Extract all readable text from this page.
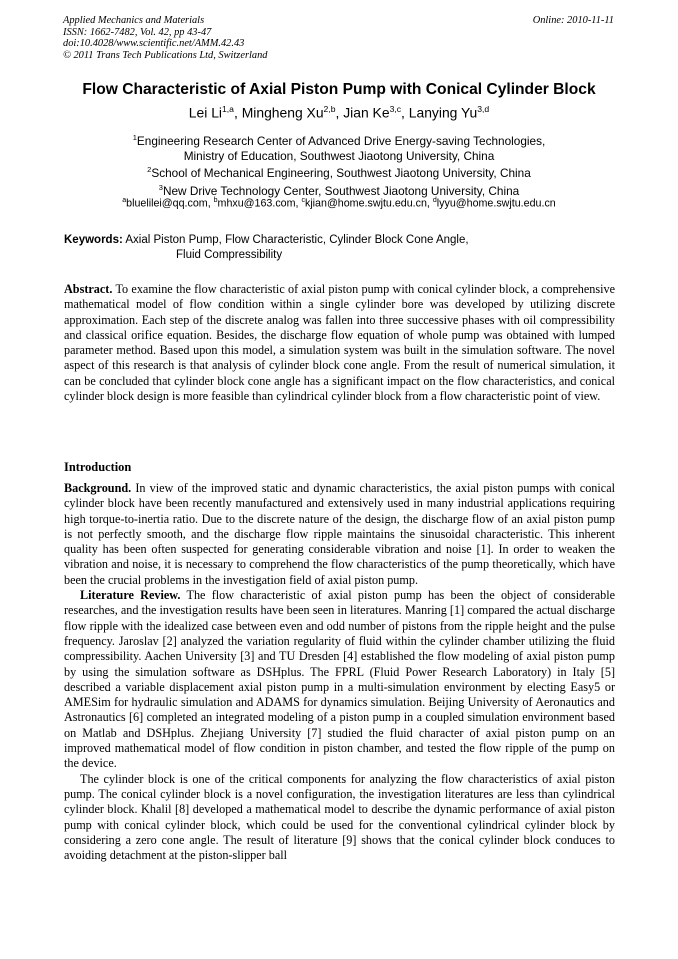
Applied Mechanics and Materials
ISSN: 1662-7482, Vol. 42, pp 43-47
doi:10.4028/www.scientific.net/AMM.42.43
© 2011 Trans Tech Publications Ltd, Switzerland
Online: 2010-11-11
Flow Characteristic of Axial Piston Pump with Conical Cylinder Block
Lei Li$^{1,a}$, Mingheng Xu$^{2,b}$, Jian Ke$^{3,c}$, Lanying Yu$^{3,d}$
$^1$Engineering Research Center of Advanced Drive Energy-saving Technologies,
Ministry of Education, Southwest Jiaotong University, China
$^2$School of Mechanical Engineering, Southwest Jiaotong University, China
$^3$New Drive Technology Center, Southwest Jiaotong University, China
$^a$bluelilei@qq.com, $^b$mhxu@163.com, $^c$kjian@home.swjtu.edu.cn, $^d$lyyu@home.swjtu.edu.cn
Keywords: Axial Piston Pump, Flow Characteristic, Cylinder Block Cone Angle,
Fluid Compressibility

Abstract. To examine the flow characteristic of axial piston pump with conical cylinder block, a comprehensive mathematical model of flow condition within a single cylinder bore was developed by utilizing discrete approximation. Each step of the discrete analog was fallen into three successive phases with oil compressibility and classical orifice equation. Besides, the discharge flow equation of whole pump was obtained with lumped parameter method. Based upon this model, a simulation system was built in the simulation software. The novel aspect of this research is that analysis of cylinder block cone angle. From the result of numerical simulation, it can be concluded that cylinder block cone angle has a significant impact on the flow characteristics, and conical cylinder block design is more feasible than cylindrical cylinder block from a flow characteristic point of view.

Introduction

Background. In view of the improved static and dynamic characteristics, the axial piston pumps with conical cylinder block have been recently manufactured and extensively used in many industrial applications requiring high torque-to-inertia ratio. Due to the discrete nature of the design, the discharge flow of an axial piston pump is not perfectly smooth, and the discharge flow ripple maintains the sinusoidal characteristic. This inherent quality has been often suspected for generating considerable vibration and noise [1]. In order to weaken the vibration and noise, it is necessary to comprehend the flow characteristics of the pump theoretically, which have been the crucial problems in the investigation field of axial piston pump.

Literature Review. The flow characteristic of axial piston pump has been the object of considerable researches, and the investigation results have been seen in literatures. Manring [1] compared the actual discharge flow ripple with the idealized case between even and odd number of pistons from the ripple height and the pulse frequency. Jaroslav [2] analyzed the variation regularity of fluid within the cylinder chamber utilizing the fluid compressibility. Aachen University [3] and TU Dresden [4] established the flow modeling of axial piston pump by using the simulation software as DSHplus. The FPRL (Fluid Power Research Laboratory) in Italy [5] described a variable displacement axial piston pump in a multi-simulation environment by electing Easy5 or AMESim for hydraulic simulation and ADAMS for dynamics simulation. Beijing University of Aeronautics and Astronautics [6] completed an integrated modeling of a piston pump in a coupled simulation environment based on Matlab and DSHplus. Zhejiang University [7] studied the fluid character of axial piston pump on an improved mathematical model of flow condition in piston chamber, and tested the flow ripple of the pump on the device.

The cylinder block is one of the critical components for analyzing the flow characteristics of axial piston pump. The conical cylinder block is a novel configuration, the investigation literatures are less than cylindrical cylinder block. Khalil [8] developed a mathematical model to describe the dynamic performance of axial piston pump with conical cylinder block, which could be used for the conventional cylindrical cylinder block by considering a zero cone angle. The result of literature [9] shows that the conical cylinder block conduces to avoiding detachment at the piston-slipper ball
